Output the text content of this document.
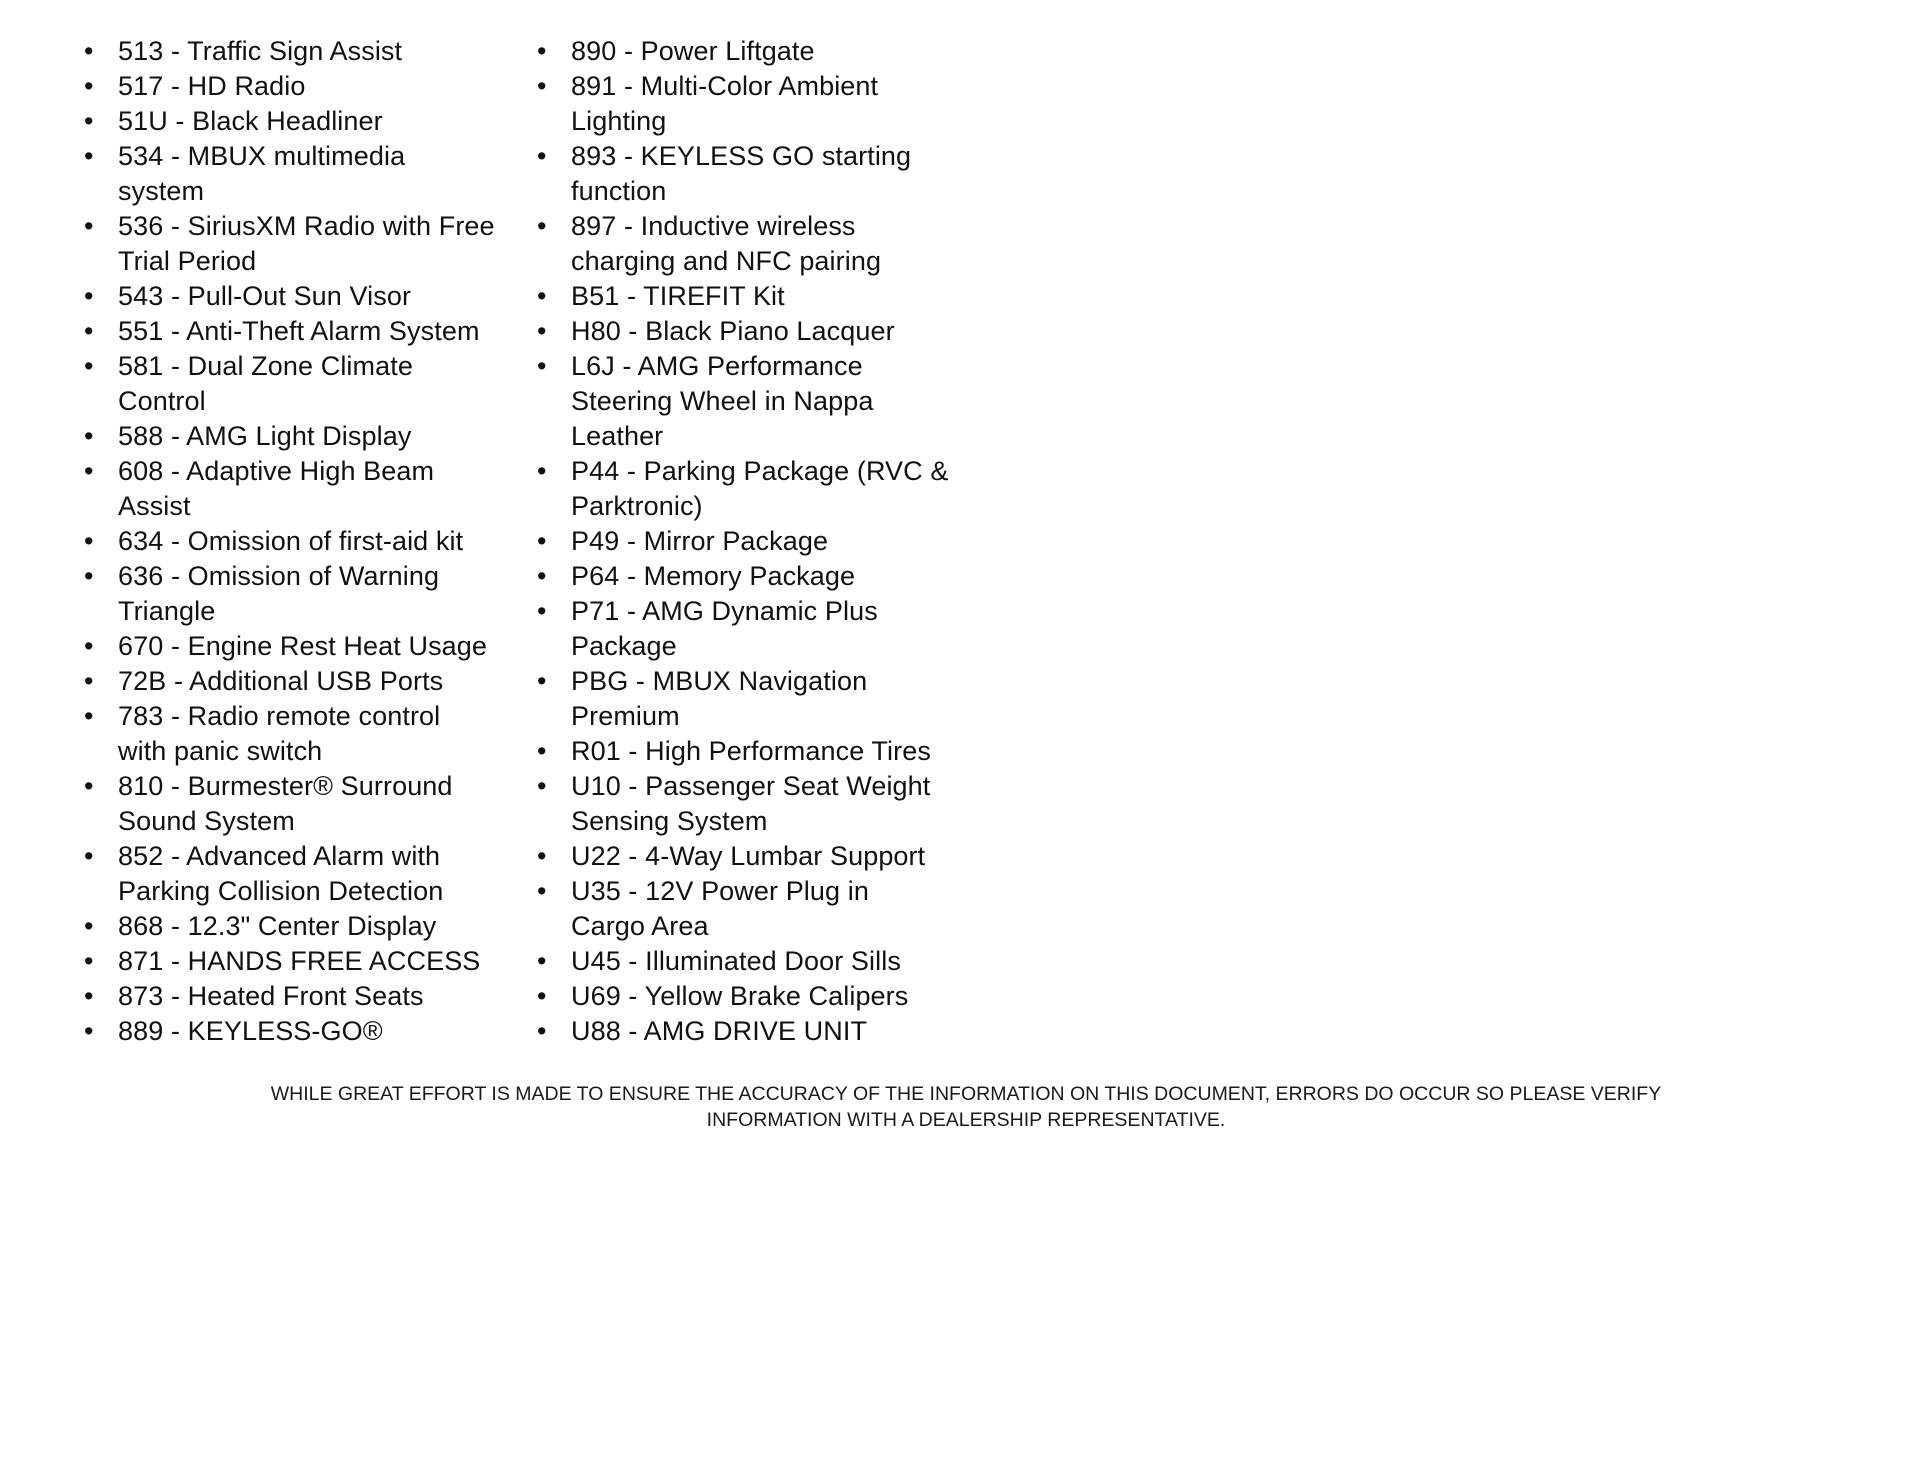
• 513 - Traffic Sign Assist
• 517 - HD Radio
• 51U - Black Headliner
• 534 - MBUX multimedia system
• 536 - SiriusXM Radio with Free Trial Period
• 543 - Pull-Out Sun Visor
• 551 - Anti-Theft Alarm System
• 581 - Dual Zone Climate Control
• 588 - AMG Light Display
• 608 - Adaptive High Beam Assist
• 634 - Omission of first-aid kit
• 636 - Omission of Warning Triangle
• 670 - Engine Rest Heat Usage
• 72B - Additional USB Ports
• 783 - Radio remote control with panic switch
• 810 - Burmester® Surround Sound System
• 852 - Advanced Alarm with Parking Collision Detection
• 868 - 12.3" Center Display
• 871 - HANDS FREE ACCESS
• 873 - Heated Front Seats
• 889 - KEYLESS-GO®
• 890 - Power Liftgate
• 891 - Multi-Color Ambient Lighting
• 893 - KEYLESS GO starting function
• 897 - Inductive wireless charging and NFC pairing
• B51 - TIREFIT Kit
• H80 - Black Piano Lacquer
• L6J - AMG Performance Steering Wheel in Nappa Leather
• P44 - Parking Package (RVC & Parktronic)
• P49 - Mirror Package
• P64 - Memory Package
• P71 - AMG Dynamic Plus Package
• PBG - MBUX Navigation Premium
• R01 - High Performance Tires
• U10 - Passenger Seat Weight Sensing System
• U22 - 4-Way Lumbar Support
• U35 - 12V Power Plug in Cargo Area
• U45 - Illuminated Door Sills
• U69 - Yellow Brake Calipers
• U88 - AMG DRIVE UNIT

WHILE GREAT EFFORT IS MADE TO ENSURE THE ACCURACY OF THE INFORMATION ON THIS DOCUMENT, ERRORS DO OCCUR SO PLEASE VERIFY
INFORMATION WITH A DEALERSHIP REPRESENTATIVE.
